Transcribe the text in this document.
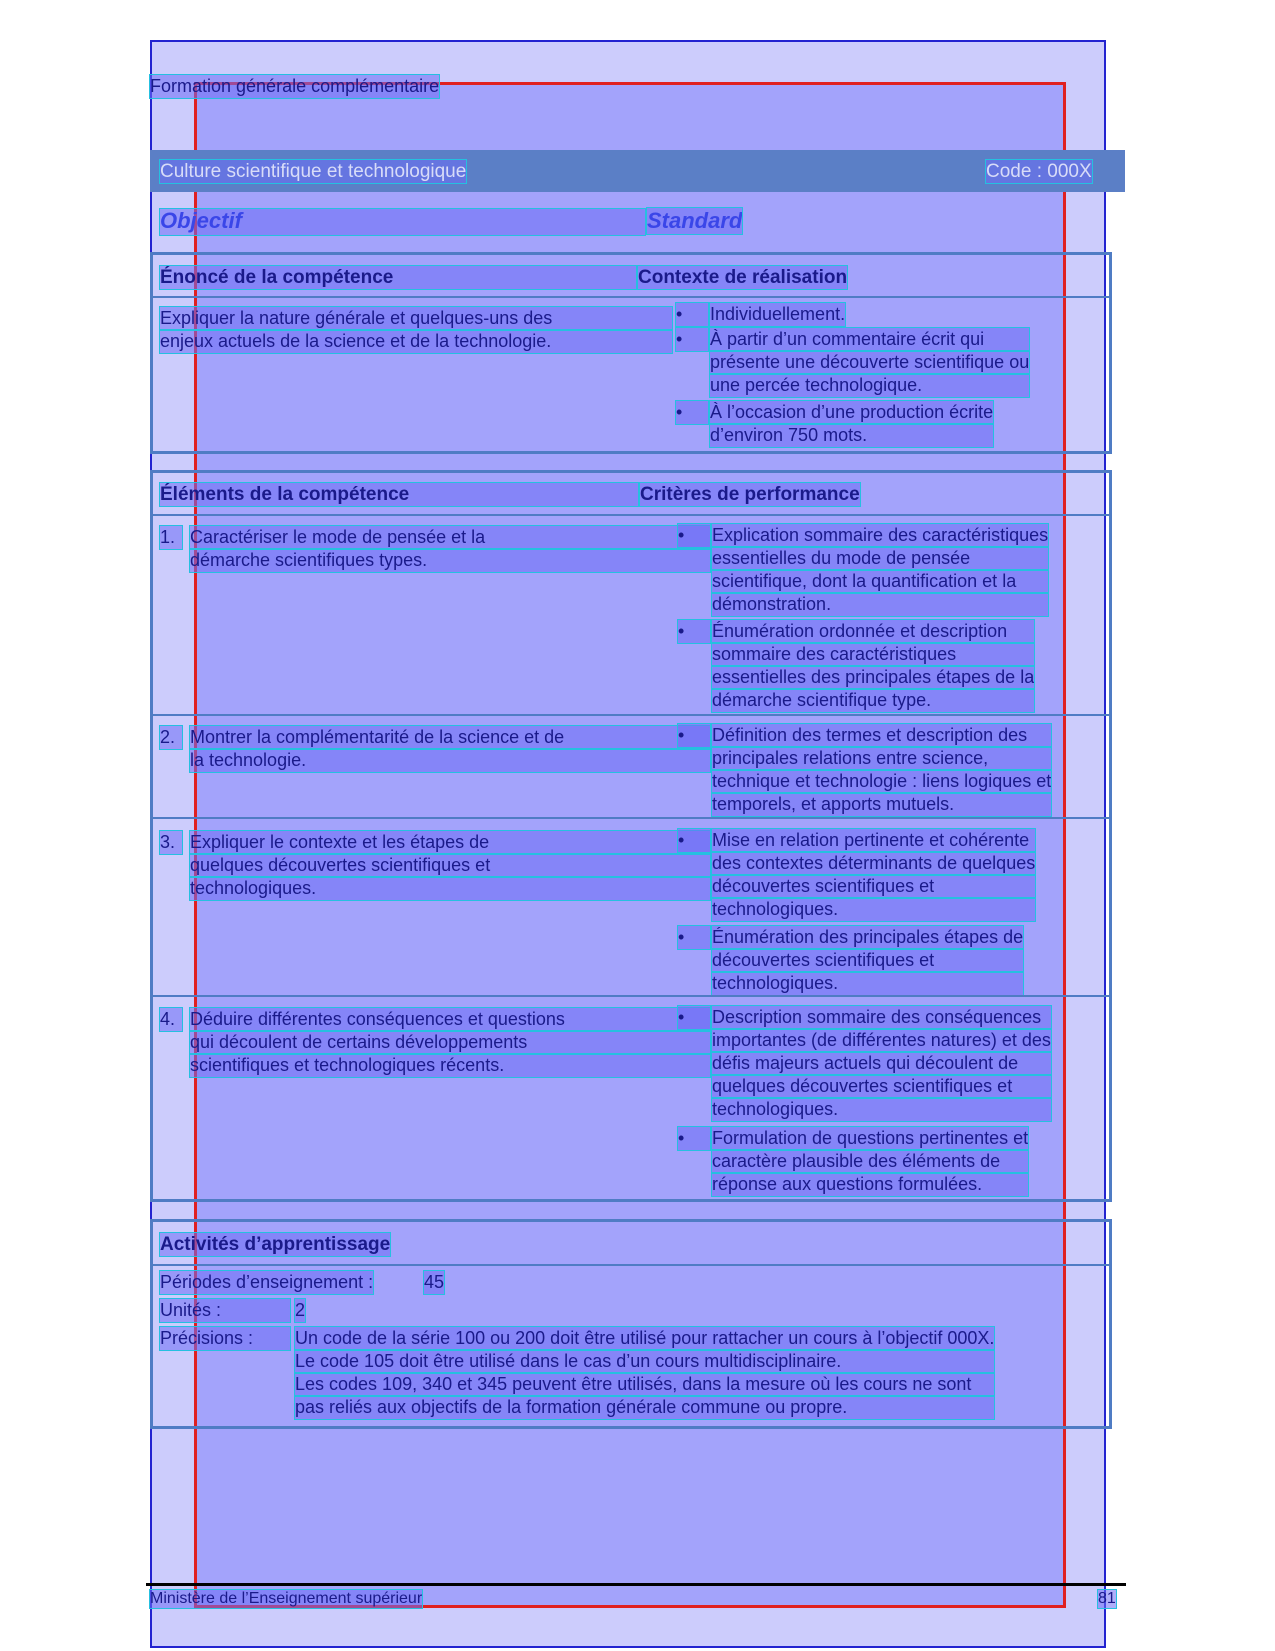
Formation générale complémentaire
Culture scientifique et technologique	Code : 000X
Objectif	Standard
Énoncé de la compétence	Contexte de réalisation
Expliquer la nature générale et quelques-uns des
enjeux actuels de la science et de la technologie.
•	Individuellement.
•	À partir d’un commentaire écrit qui
présente une découverte scientifique ou
une percée technologique.
•	À l’occasion d’une production écrite
d’environ 750 mots.
Éléments de la compétence	Critères de performance
1. Caractériser le mode de pensée et la
démarche scientifiques types.
•	Explication sommaire des caractéristiques
essentielles du mode de pensée
scientifique, dont la quantification et la
démonstration.
•	Énumération ordonnée et description
sommaire des caractéristiques
essentielles des principales étapes de la
démarche scientifique type.
2. Montrer la complémentarité de la science et de
la technologie.
•	Définition des termes et description des
principales relations entre science,
technique et technologie : liens logiques et
temporels, et apports mutuels.
3. Expliquer le contexte et les étapes de
quelques découvertes scientifiques et
technologiques.
•	Mise en relation pertinente et cohérente
des contextes déterminants de quelques
découvertes scientifiques et
technologiques.
•	Énumération des principales étapes de
découvertes scientifiques et
technologiques.
4. Déduire différentes conséquences et questions
qui découlent de certains développements
scientifiques et technologiques récents.
•	Description sommaire des conséquences
importantes (de différentes natures) et des
défis majeurs actuels qui découlent de
quelques découvertes scientifiques et
technologiques.
•	Formulation de questions pertinentes et
caractère plausible des éléments de
réponse aux questions formulées.
Activités d’apprentissage
Périodes d’enseignement :	45
Unités :	2
Précisions :	Un code de la série 100 ou 200 doit être utilisé pour rattacher un cours à l’objectif 000X.
Le code 105 doit être utilisé dans le cas d’un cours multidisciplinaire.
Les codes 109, 340 et 345 peuvent être utilisés, dans la mesure où les cours ne sont
pas reliés aux objectifs de la formation générale commune ou propre.
Ministère de l’Enseignement supérieur	81
